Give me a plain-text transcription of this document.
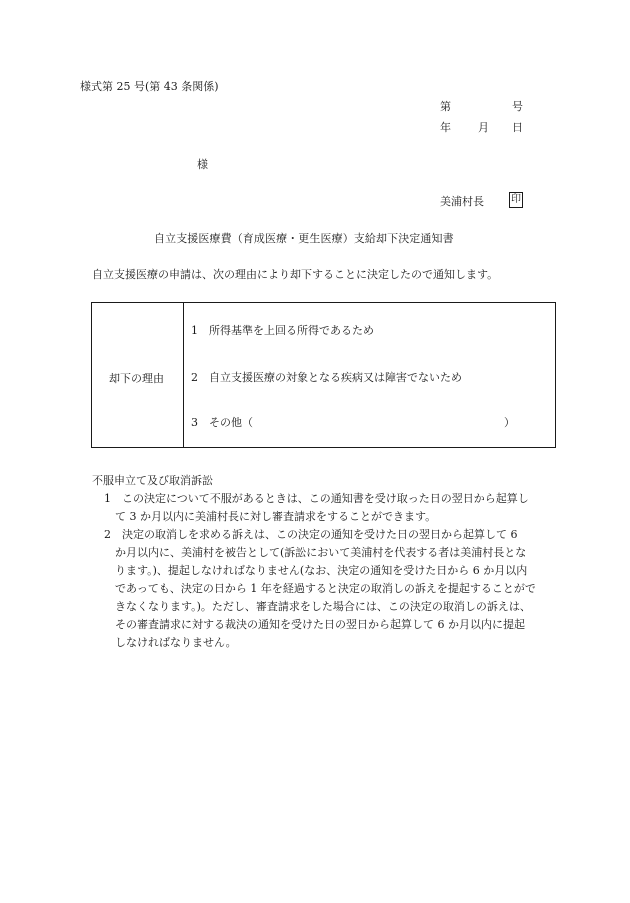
様式第 25 号(第 43 条関係)
第	号
年 月 日
様
美浦村長	印
自立支援医療費（育成医療・更生医療）支給却下決定通知書
自立支援医療の申請は、次の理由により却下することに決定したので通知します。
却下の理由
1　所得基準を上回る所得であるため
2　自立支援医療の対象となる疾病又は障害でないため
3　その他（	）
不服申立て及び取消訴訟
1　この決定について不服があるときは、この通知書を受け取った日の翌日から起算し
て 3 か月以内に美浦村長に対し審査請求をすることができます。
2　決定の取消しを求める訴えは、この決定の通知を受けた日の翌日から起算して 6
か月以内に、美浦村を被告として(訴訟において美浦村を代表する者は美浦村長とな
ります。)、提起しなければなりません(なお、決定の通知を受けた日から 6 か月以内
であっても、決定の日から 1 年を経過すると決定の取消しの訴えを提起することがで
きなくなります。)。ただし、審査請求をした場合には、この決定の取消しの訴えは、
その審査請求に対する裁決の通知を受けた日の翌日から起算して 6 か月以内に提起
しなければなりません。
